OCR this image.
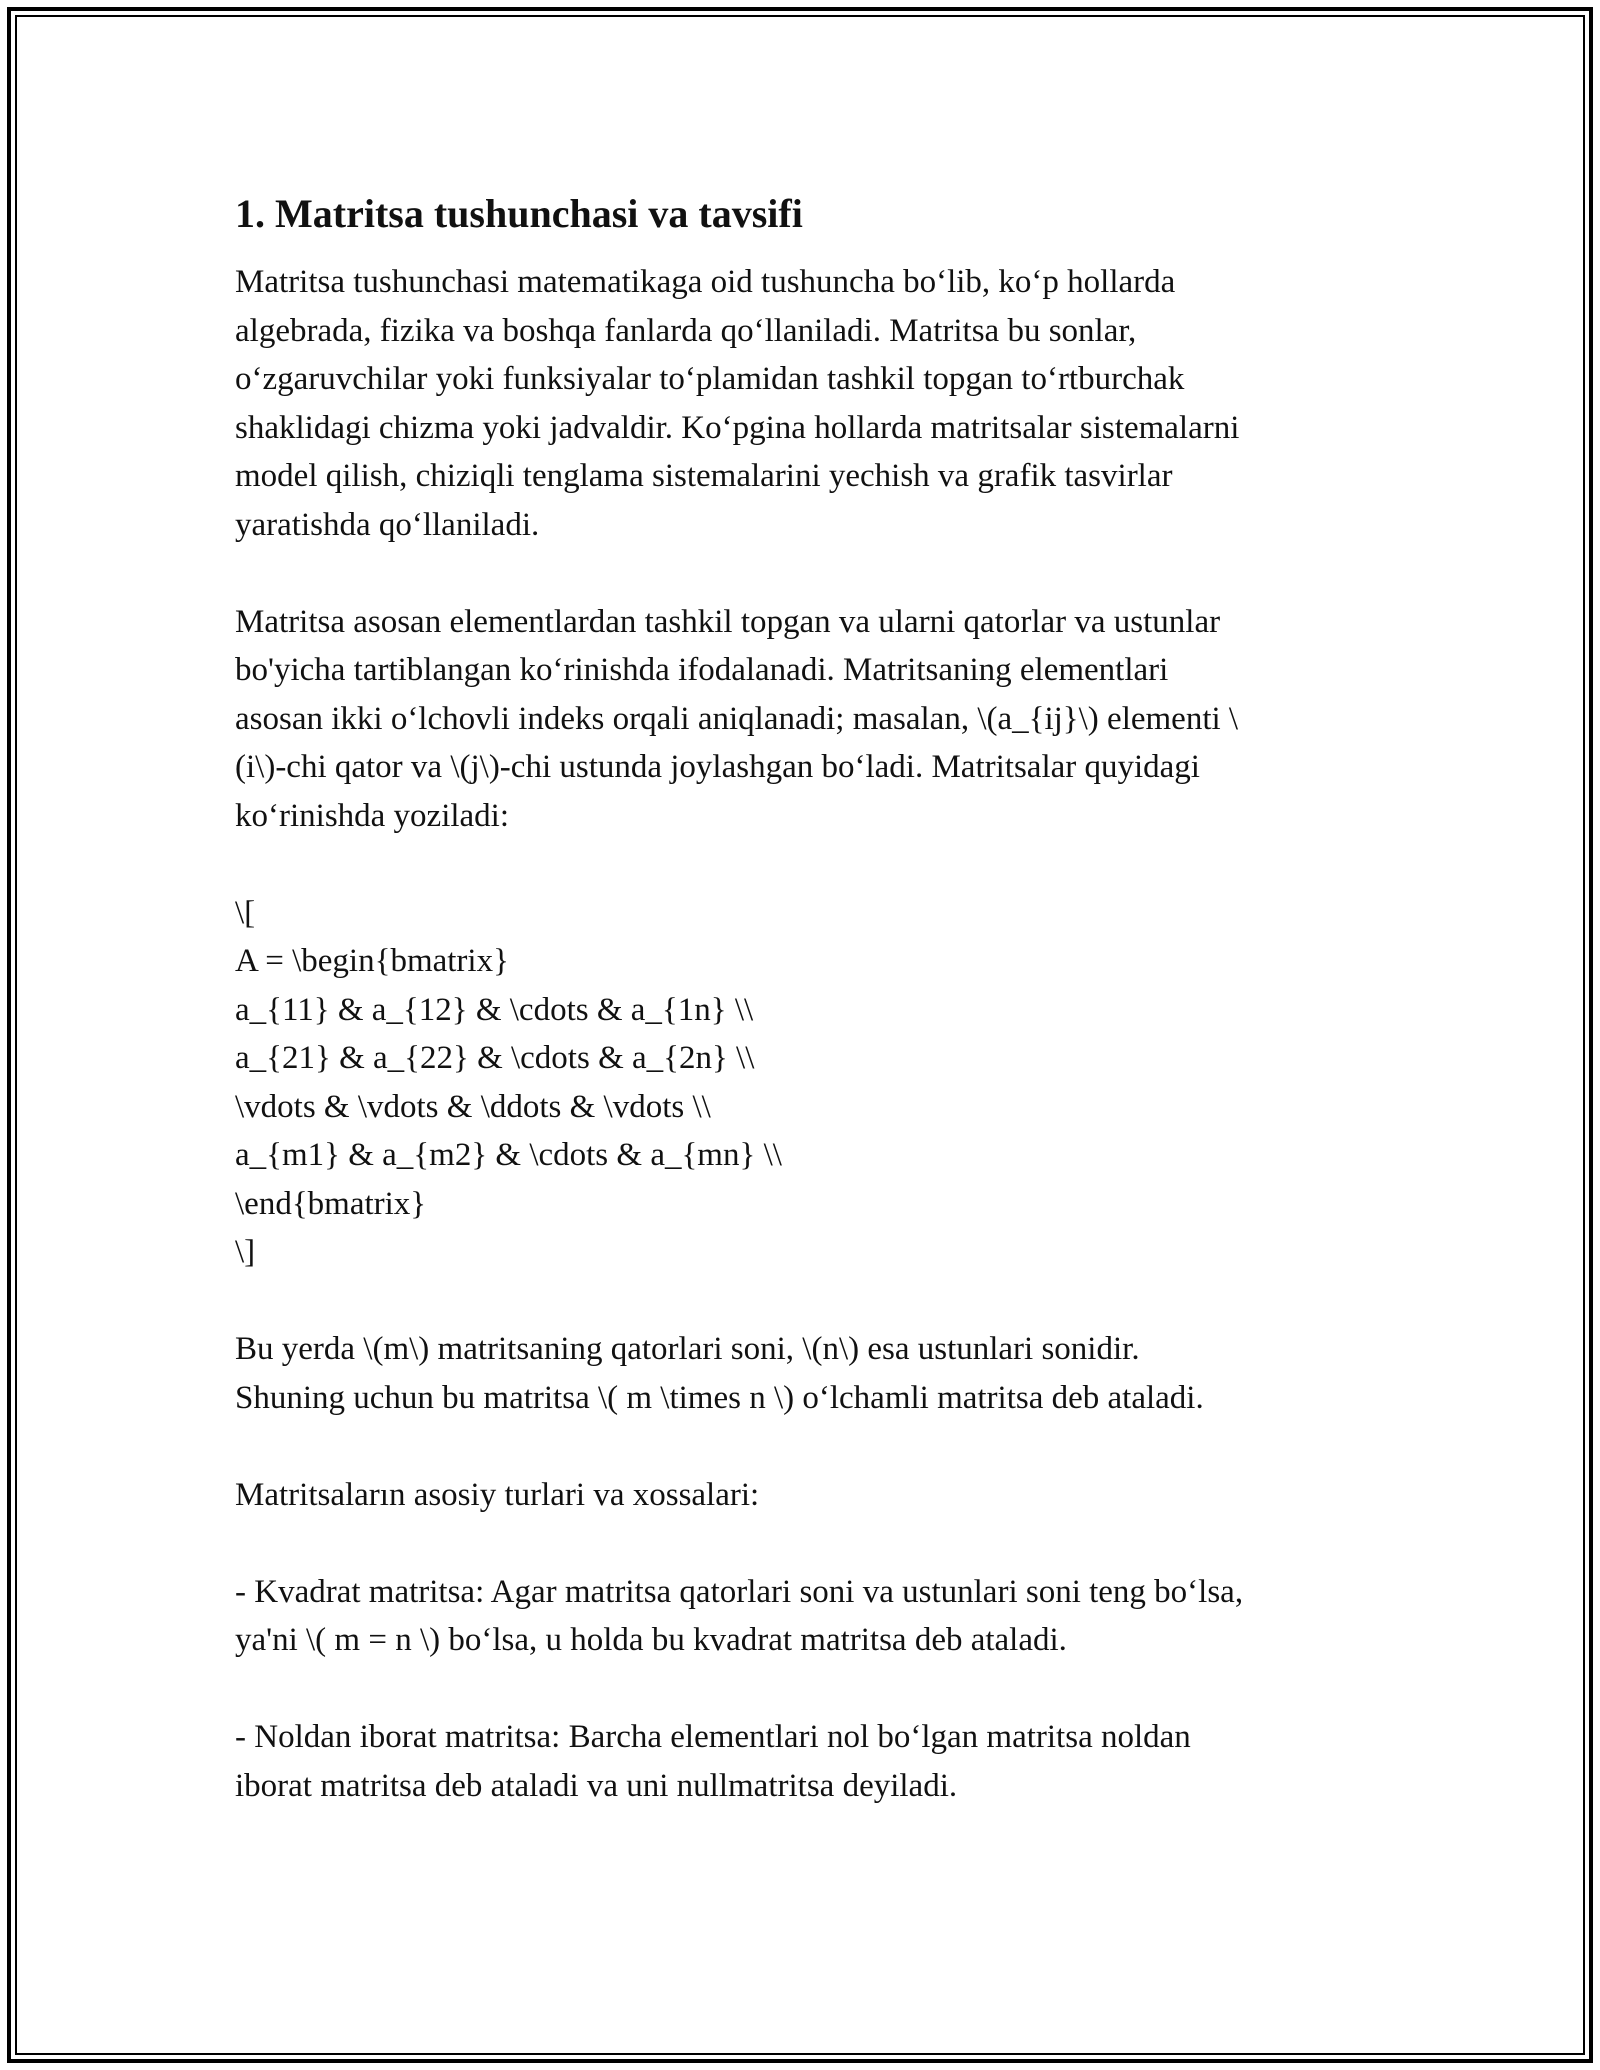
1. Matritsa tushunchasi va tavsifi

Matritsa tushunchasi matematikaga oid tushuncha bo‘lib, ko‘p hollarda
algebrada, fizika va boshqa fanlarda qo‘llaniladi. Matritsa bu sonlar,
o‘zgaruvchilar yoki funksiyalar to‘plamidan tashkil topgan to‘rtburchak
shaklidagi chizma yoki jadvaldir. Ko‘pgina hollarda matritsalar sistemalarni
model qilish, chiziqli tenglama sistemalarini yechish va grafik tasvirlar
yaratishda qo‘llaniladi.

Matritsa asosan elementlardan tashkil topgan va ularni qatorlar va ustunlar
bo'yicha tartiblangan ko‘rinishda ifodalanadi. Matritsaning elementlari
asosan ikki o‘lchovli indeks orqali aniqlanadi; masalan, \(a_{ij}\) elementi \
(i\)-chi qator va \(j\)-chi ustunda joylashgan bo‘ladi. Matritsalar quyidagi
ko‘rinishda yoziladi:

\[
A = \begin{bmatrix}
a_{11} & a_{12} & \cdots & a_{1n} \\
a_{21} & a_{22} & \cdots & a_{2n} \\
\vdots & \vdots & \ddots & \vdots \\
a_{m1} & a_{m2} & \cdots & a_{mn} \\
\end{bmatrix}
\]

Bu yerda \(m\) matritsaning qatorlari soni, \(n\) esa ustunlari sonidir.
Shuning uchun bu matritsa \( m \times n \) o‘lchamli matritsa deb ataladi.

Matritsaların asosiy turlari va xossalari:

- Kvadrat matritsa: Agar matritsa qatorlari soni va ustunlari soni teng bo‘lsa,
ya'ni \( m = n \) bo‘lsa, u holda bu kvadrat matritsa deb ataladi.

- Noldan iborat matritsa: Barcha elementlari nol bo‘lgan matritsa noldan
iborat matritsa deb ataladi va uni nullmatritsa deyiladi.
